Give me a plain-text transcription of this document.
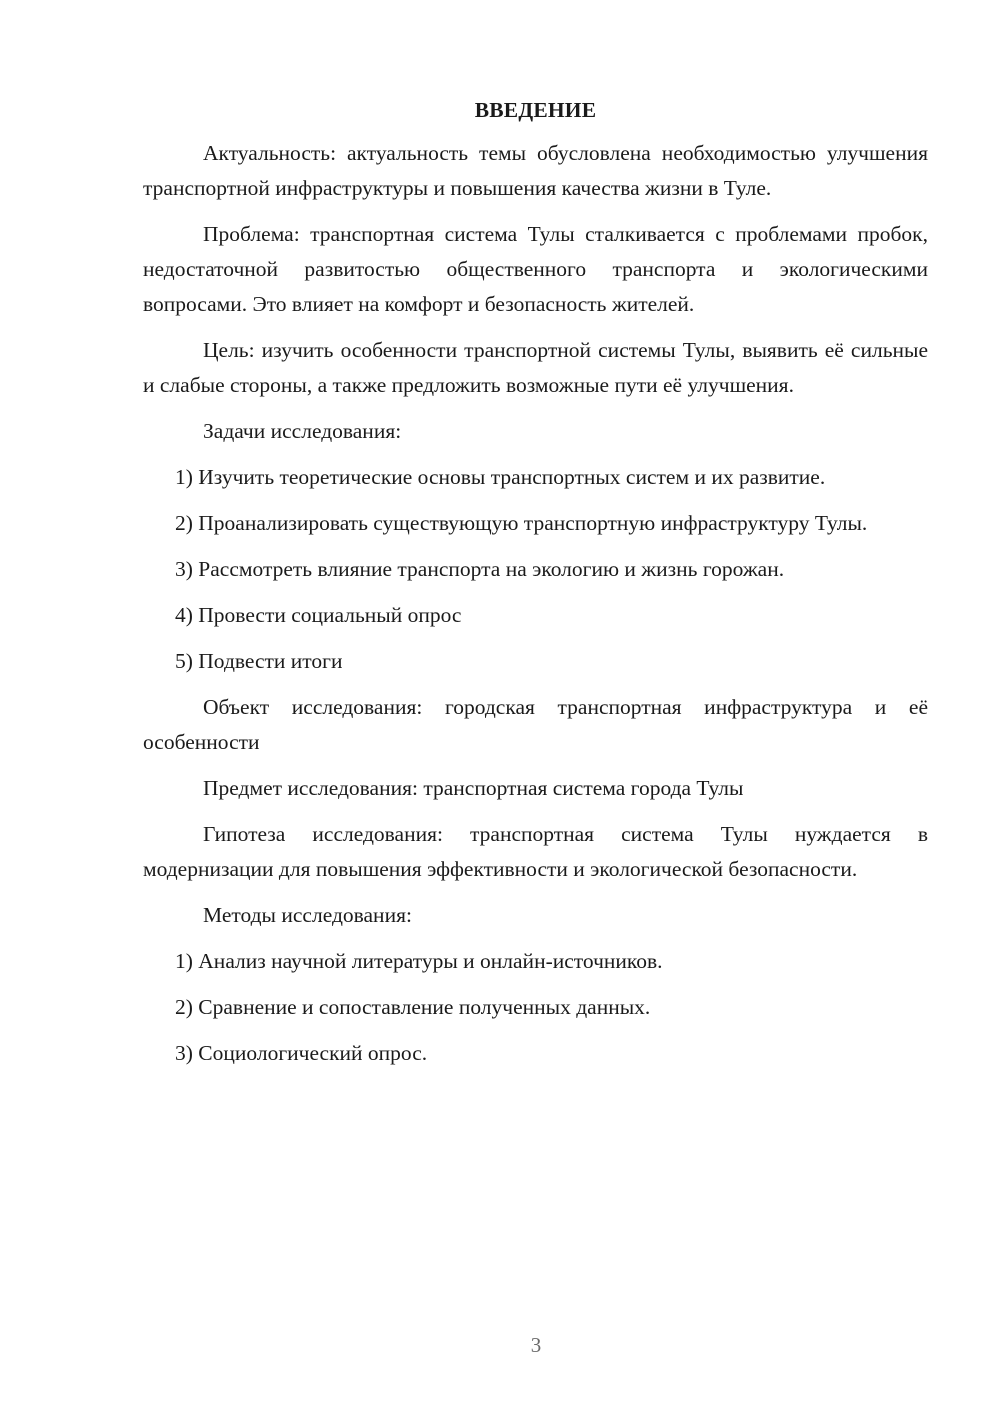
ВВЕДЕНИЕ

Актуальность: актуальность темы обусловлена необходимостью улучшения транспортной инфраструктуры и повышения качества жизни в Туле.

Проблема: транспортная система Тулы сталкивается с проблемами пробок, недостаточной развитостью общественного транспорта и экологическими вопросами. Это влияет на комфорт и безопасность жителей.

Цель: изучить особенности транспортной системы Тулы, выявить её сильные и слабые стороны, а также предложить возможные пути её улучшения.

Задачи исследования:

1) Изучить теоретические основы транспортных систем и их развитие.

2) Проанализировать существующую транспортную инфраструктуру Тулы.

3) Рассмотреть влияние транспорта на экологию и жизнь горожан.

4) Провести социальный опрос

5) Подвести итоги

Объект исследования: городская транспортная инфраструктура и её особенности

Предмет исследования: транспортная система города Тулы

Гипотеза исследования: транспортная система Тулы нуждается в модернизации для повышения эффективности и экологической безопасности.

Методы исследования:

1) Анализ научной литературы и онлайн-источников.

2) Сравнение и сопоставление полученных данных.

3) Социологический опрос.

3
